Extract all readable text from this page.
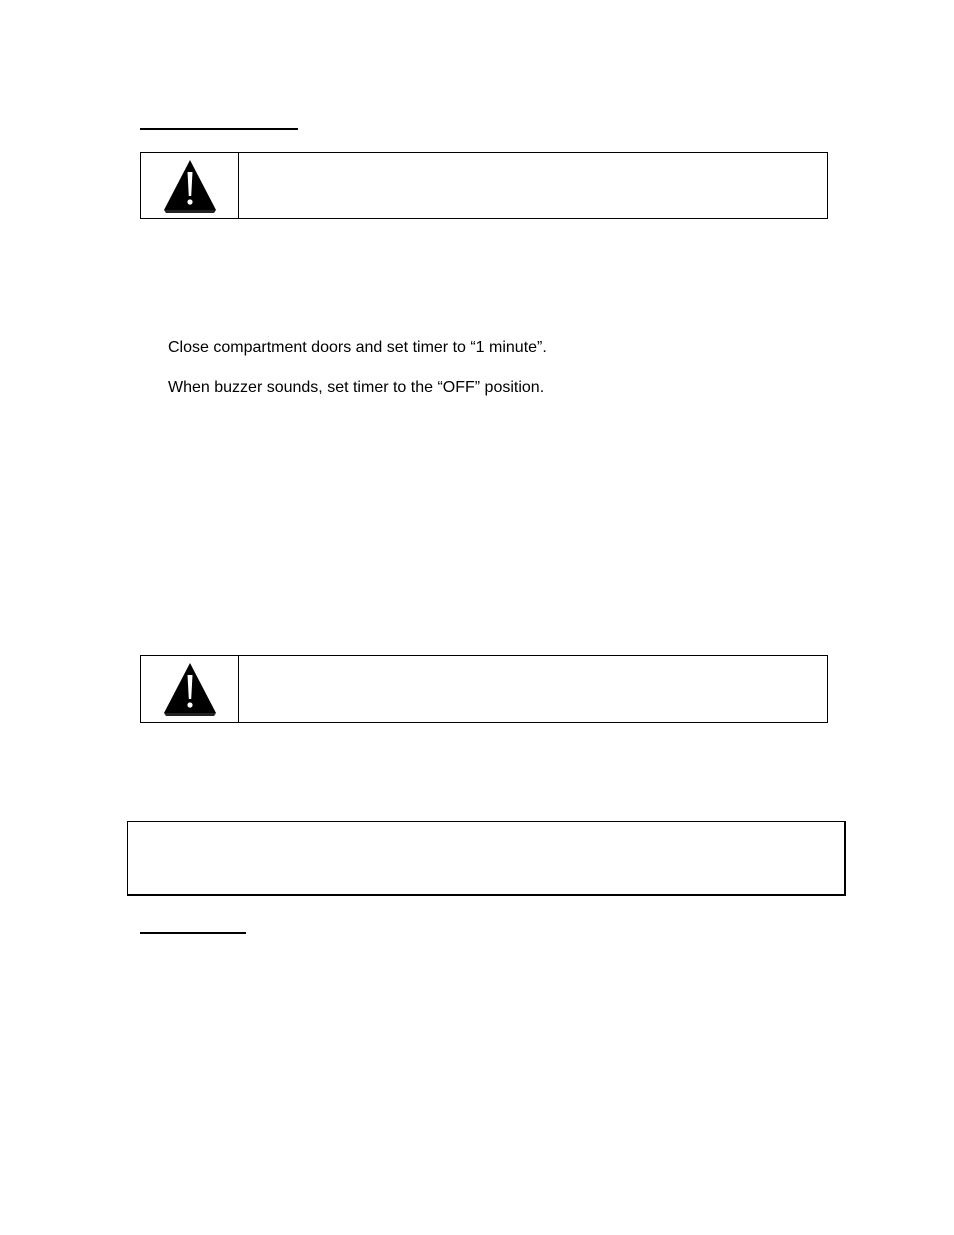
Close compartment doors and set timer to “1 minute”.
When buzzer sounds, set timer to the “OFF” position.
